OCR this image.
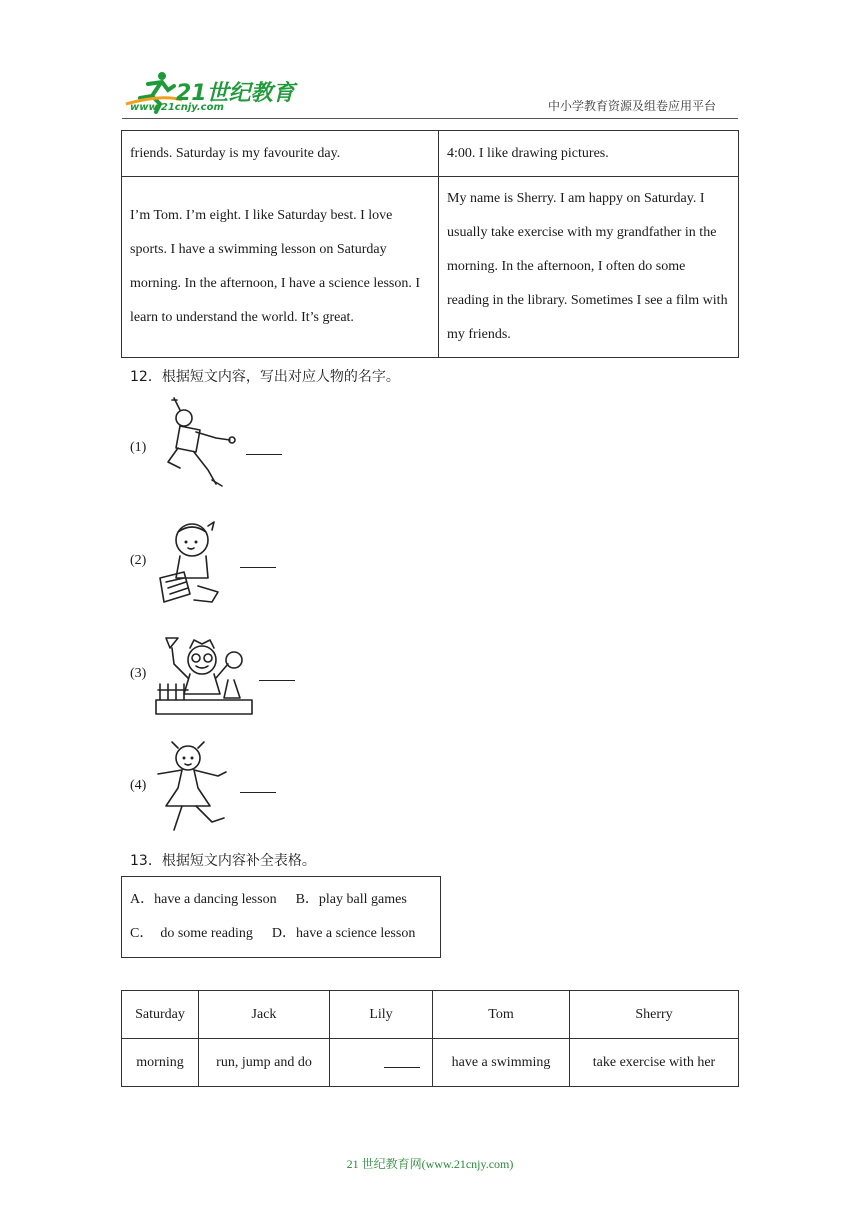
21世纪教育
www.21cnjy.com	中小学教育资源及组卷应用平台
friends. Saturday is my favourite day.	4:00. I like drawing pictures.
I’m Tom. I’m eight. I like Saturday best. I love sports. I have a swimming lesson on Saturday morning. In the afternoon, I have a science lesson. I learn to understand the world. It’s great.	My name is Sherry. I am happy on Saturday. I usually take exercise with my grandfather in the morning. In the afternoon, I often do some reading in the library. Sometimes I see a film with my friends.
12．根据短文内容，写出对应人物的名字。
(1)
(2)
(3)
(4)
13．根据短文内容补全表格。
A．have a dancing lesson B．play ball games
C．  do some reading D．have a science lesson
Saturday	Jack	Lily	Tom	Sherry
morning	run, jump and do		have a swimming	take exercise with her
21 世纪教育网(www.21cnjy.com)
